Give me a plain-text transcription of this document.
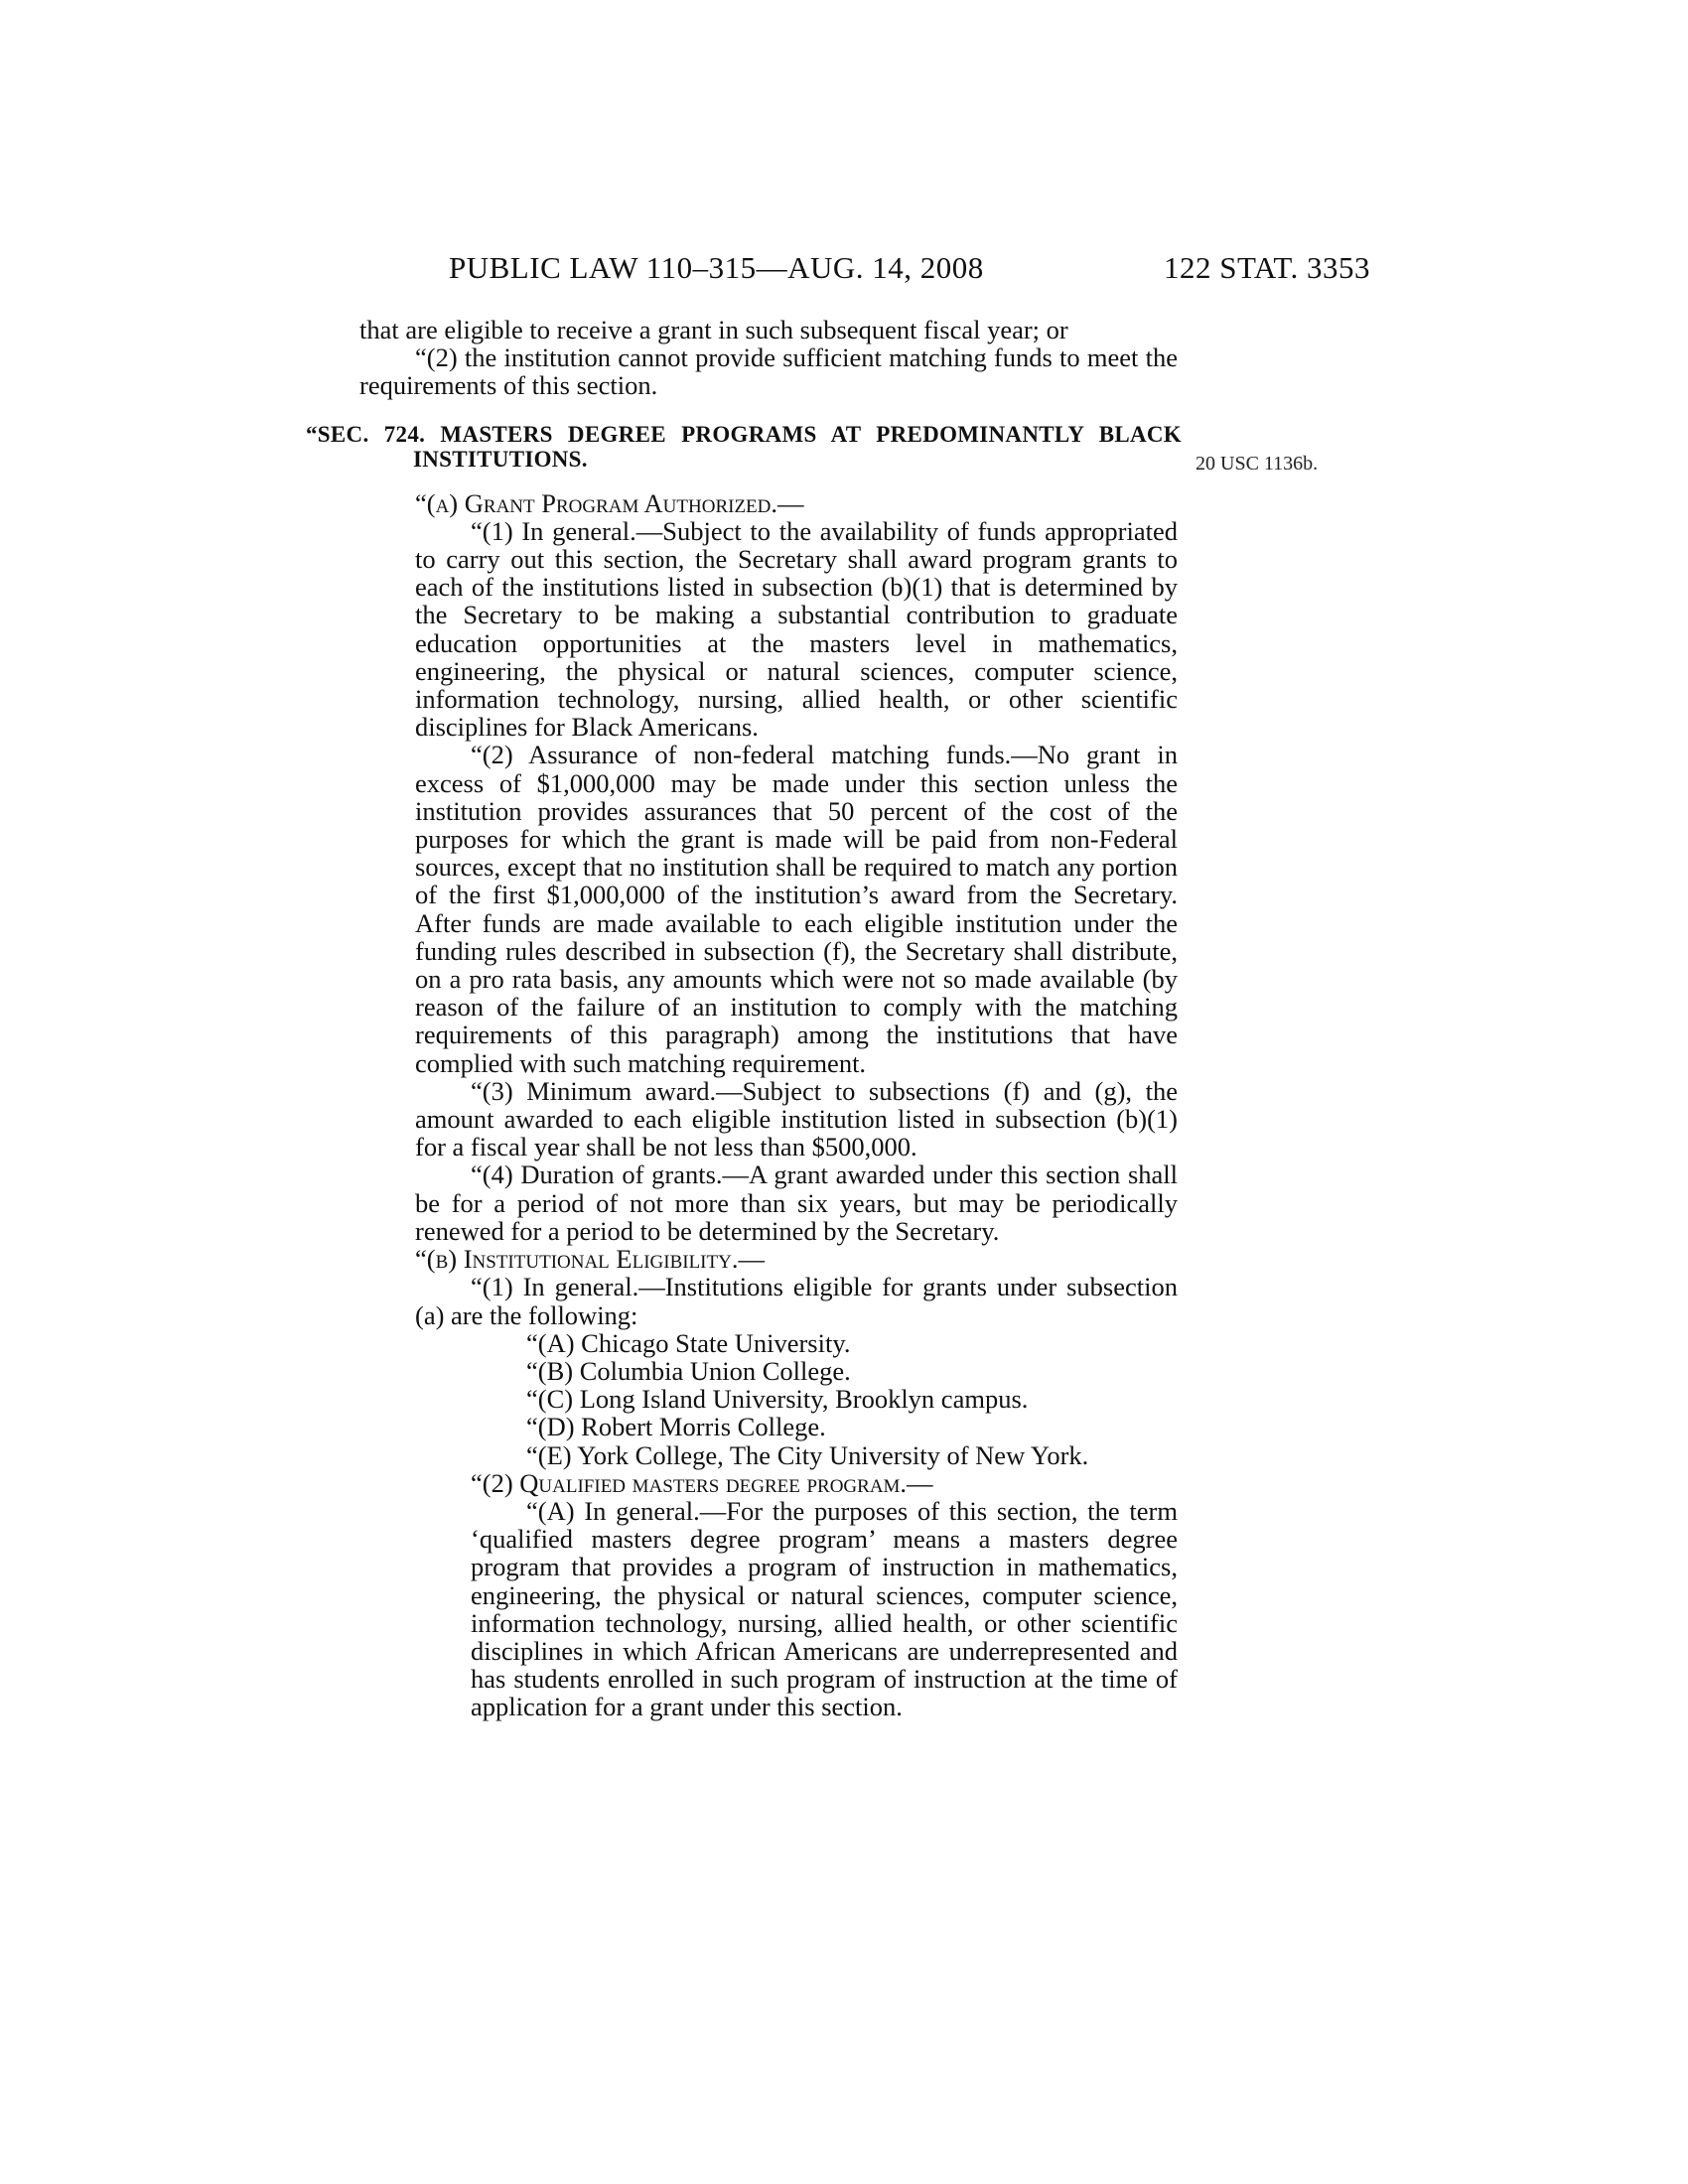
PUBLIC LAW 110–315—AUG. 14, 2008	122 STAT. 3353
20 USC 1136b.

that are eligible to receive a grant in such subsequent fiscal year; or

“(2) the institution cannot provide sufficient matching funds to meet the requirements of this section.

“SEC. 724. MASTERS DEGREE PROGRAMS AT PREDOMINANTLY BLACK
INSTITUTIONS.

“(a) Grant Program Authorized.—

“(1) In general.—Subject to the availability of funds appropriated to carry out this section, the Secretary shall award program grants to each of the institutions listed in subsection (b)(1) that is determined by the Secretary to be making a substantial contribution to graduate education opportunities at the masters level in mathematics, engineering, the physical or natural sciences, computer science, information technology, nursing, allied health, or other scientific disciplines for Black Americans.

“(2) Assurance of non-federal matching funds.—No grant in excess of $1,000,000 may be made under this section unless the institution provides assurances that 50 percent of the cost of the purposes for which the grant is made will be paid from non-Federal sources, except that no institution shall be required to match any portion of the first $1,000,000 of the institution’s award from the Secretary. After funds are made available to each eligible institution under the funding rules described in subsection (f), the Secretary shall distribute, on a pro rata basis, any amounts which were not so made available (by reason of the failure of an institution to comply with the matching requirements of this paragraph) among the institutions that have complied with such matching requirement.

“(3) Minimum award.—Subject to subsections (f) and (g), the amount awarded to each eligible institution listed in subsection (b)(1) for a fiscal year shall be not less than $500,000.

“(4) Duration of grants.—A grant awarded under this section shall be for a period of not more than six years, but may be periodically renewed for a period to be determined by the Secretary.

“(b) Institutional Eligibility.—

“(1) In general.—Institutions eligible for grants under subsection (a) are the following:

“(A) Chicago State University.

“(B) Columbia Union College.

“(C) Long Island University, Brooklyn campus.

“(D) Robert Morris College.

“(E) York College, The City University of New York.

“(2) Qualified masters degree program.—

“(A) In general.—For the purposes of this section, the term ‘qualified masters degree program’ means a masters degree program that provides a program of instruction in mathematics, engineering, the physical or natural sciences, computer science, information technology, nursing, allied health, or other scientific disciplines in which African Americans are underrepresented and has students enrolled in such program of instruction at the time of application for a grant under this section.
